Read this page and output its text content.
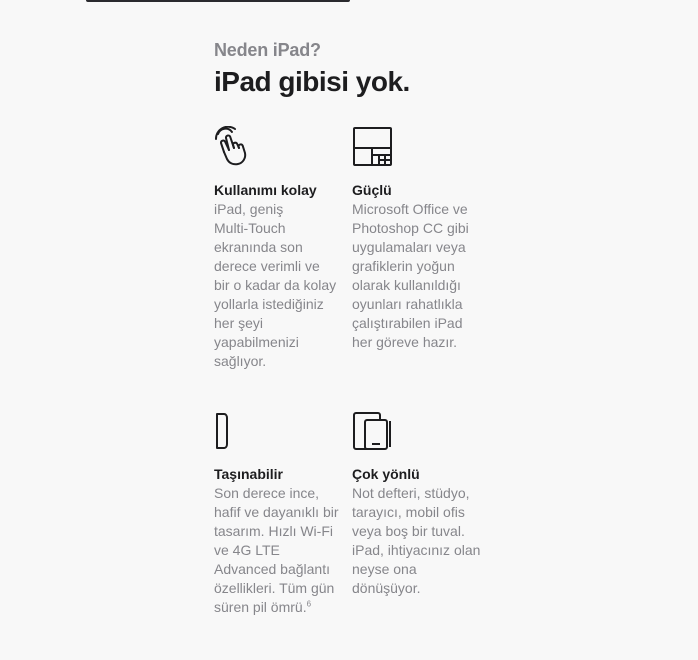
Neden iPad?
iPad gibisi yok.
Kullanımı kolay

iPad, geniş Multi‑Touch ekranında son derece verimli ve bir o kadar da kolay yollarla istediğiniz her şeyi yapabilmenizi sağlıyor.

Güçlü

Microsoft Office ve Photoshop CC gibi uygulamaları veya grafiklerin yoğun olarak kullanıldığı oyunları rahatlıkla çalıştırabilen iPad her göreve hazır.

Taşınabilir

Son derece ince, hafif ve dayanıklı bir tasarım. Hızlı Wi‑Fi ve 4G LTE Advanced bağlantı özellikleri. Tüm gün süren pil ömrü.$^6$

Çok yönlü

Not defteri, stüdyo, tarayıcı, mobil ofis veya boş bir tuval. iPad, ihtiyacınız olan neyse ona dönüşüyor.
